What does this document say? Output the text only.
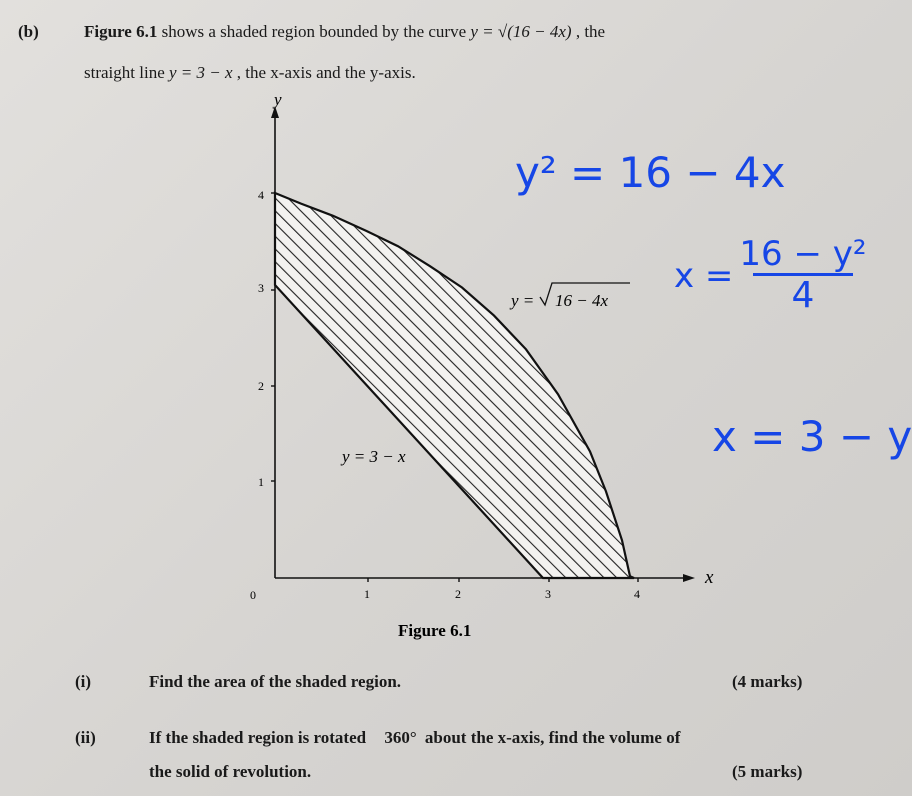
(b)	Figure 6.1 shows a shaded region bounded by the curve y = √(16 − 4x) , the
straight line y = 3 − x , the x-axis and the y-axis.
4
3
2
1
1	2	3	4
0
y
x
y = 16 − 4x
y = 3 − x
Figure 6.1
y² = 16 − 4x
x =
16 − y²
4
x = 3 − y
(i)	Find the area of the shaded region.	(4 marks)
(ii)	If the shaded region is rotated 360° about the x-axis, find the volume of
the solid of revolution.	(5 marks)
